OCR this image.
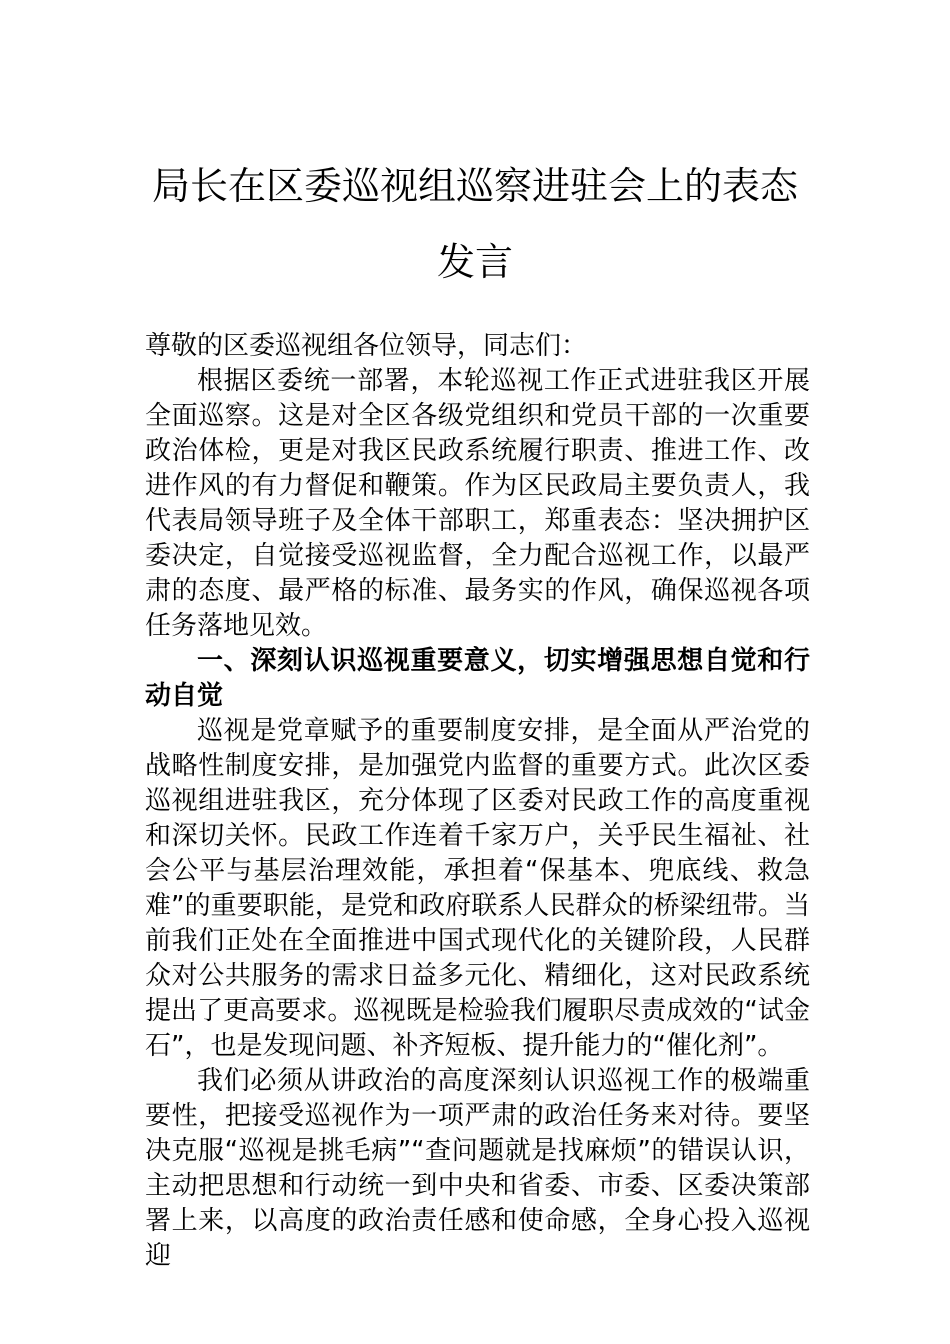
局长在区委巡视组巡察进驻会上的表态发言

尊敬的区委巡视组各位领导，同志们：

根据区委统一部署，本轮巡视工作正式进驻我区开展全面巡察。这是对全区各级党组织和党员干部的一次重要政治体检，更是对我区民政系统履行职责、推进工作、改进作风的有力督促和鞭策。作为区民政局主要负责人，我代表局领导班子及全体干部职工，郑重表态：坚决拥护区委决定，自觉接受巡视监督，全力配合巡视工作，以最严肃的态度、最严格的标准、最务实的作风，确保巡视各项任务落地见效。

一、深刻认识巡视重要意义，切实增强思想自觉和行动自觉

巡视是党章赋予的重要制度安排，是全面从严治党的战略性制度安排，是加强党内监督的重要方式。此次区委巡视组进驻我区，充分体现了区委对民政工作的高度重视和深切关怀。民政工作连着千家万户，关乎民生福祉、社会公平与基层治理效能，承担着“保基本、兜底线、救急难”的重要职能，是党和政府联系人民群众的桥梁纽带。当前我们正处在全面推进中国式现代化的关键阶段，人民群众对公共服务的需求日益多元化、精细化，这对民政系统提出了更高要求。巡视既是检验我们履职尽责成效的“试金石”，也是发现问题、补齐短板、提升能力的“催化剂”。

我们必须从讲政治的高度深刻认识巡视工作的极端重要性，把接受巡视作为一项严肃的政治任务来对待。要坚决克服“巡视是挑毛病”“查问题就是找麻烦”的错误认识，主动把思想和行动统一到中央和省委、市委、区委决策部署上来，以高度的政治责任感和使命感，全身心投入巡视迎
